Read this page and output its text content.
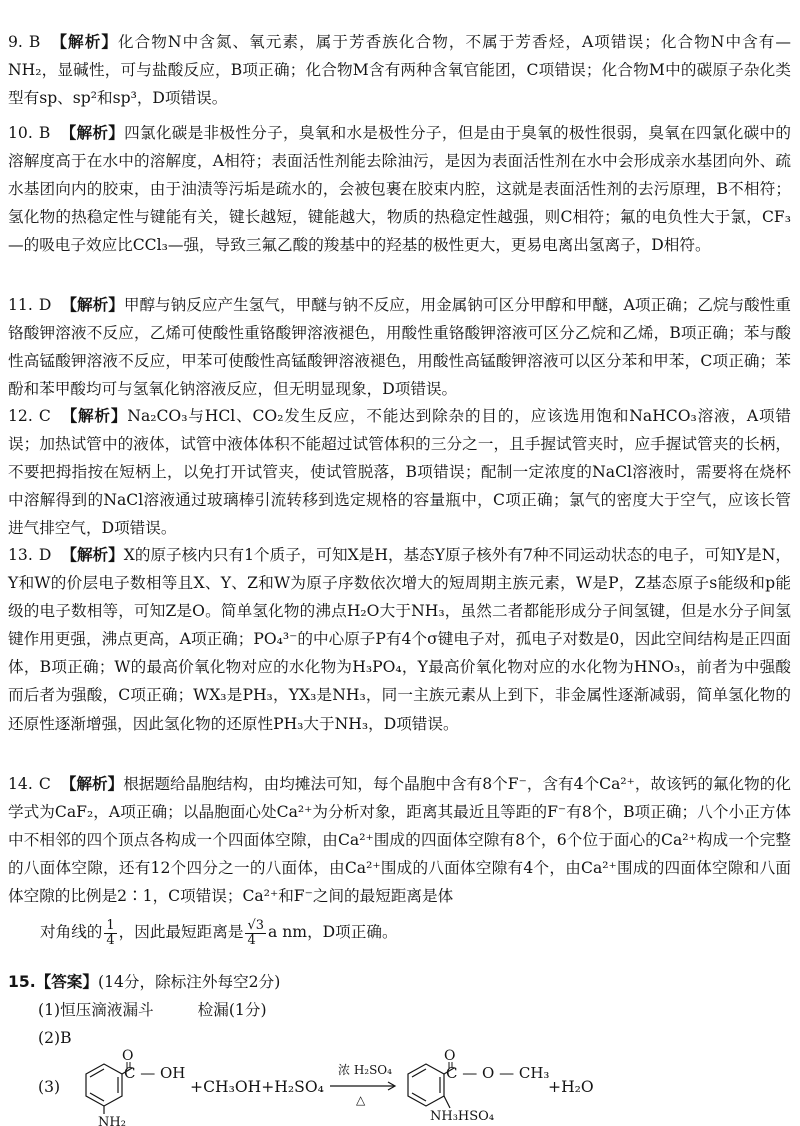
9. B 【解析】化合物N中含氮、氧元素，属于芳香族化合物，不属于芳香烃，A项错误；化合物N中含有—NH₂，显碱性，可与盐酸反应，B项正确；化合物M含有两种含氧官能团，C项错误；化合物M中的碳原子杂化类型有sp、sp²和sp³，D项错误。

10. B 【解析】四氯化碳是非极性分子，臭氧和水是极性分子，但是由于臭氧的极性很弱，臭氧在四氯化碳中的溶解度高于在水中的溶解度，A相符；表面活性剂能去除油污，是因为表面活性剂在水中会形成亲水基团向外、疏水基团向内的胶束，由于油渍等污垢是疏水的，会被包裹在胶束内腔，这就是表面活性剂的去污原理，B不相符；氢化物的热稳定性与键能有关，键长越短，键能越大，物质的热稳定性越强，则C相符；氟的电负性大于氯，CF₃—的吸电子效应比CCl₃—强，导致三氟乙酸的羧基中的羟基的极性更大，更易电离出氢离子，D相符。

11. D 【解析】甲醇与钠反应产生氢气，甲醚与钠不反应，用金属钠可区分甲醇和甲醚，A项正确；乙烷与酸性重铬酸钾溶液不反应，乙烯可使酸性重铬酸钾溶液褪色，用酸性重铬酸钾溶液可区分乙烷和乙烯，B项正确；苯与酸性高锰酸钾溶液不反应，甲苯可使酸性高锰酸钾溶液褪色，用酸性高锰酸钾溶液可以区分苯和甲苯，C项正确；苯酚和苯甲酸均可与氢氧化钠溶液反应，但无明显现象，D项错误。

12. C 【解析】Na₂CO₃与HCl、CO₂发生反应，不能达到除杂的目的，应该选用饱和NaHCO₃溶液，A项错误；加热试管中的液体，试管中液体体积不能超过试管体积的三分之一，且手握试管夹时，应手握试管夹的长柄，不要把拇指按在短柄上，以免打开试管夹，使试管脱落，B项错误；配制一定浓度的NaCl溶液时，需要将在烧杯中溶解得到的NaCl溶液通过玻璃棒引流转移到选定规格的容量瓶中，C项正确；氯气的密度大于空气，应该长管进气排空气，D项错误。

13. D 【解析】X的原子核内只有1个质子，可知X是H，基态Y原子核外有7种不同运动状态的电子，可知Y是N，Y和W的价层电子数相等且X、Y、Z和W为原子序数依次增大的短周期主族元素，W是P，Z基态原子s能级和p能级的电子数相等，可知Z是O。简单氢化物的沸点H₂O大于NH₃，虽然二者都能形成分子间氢键，但是水分子间氢键作用更强，沸点更高，A项正确；PO₄³⁻的中心原子P有4个σ键电子对，孤电子对数是0，因此空间结构是正四面体，B项正确；W的最高价氧化物对应的水化物为H₃PO₄，Y最高价氧化物对应的水化物为HNO₃，前者为中强酸而后者为强酸，C项正确；WX₃是PH₃，YX₃是NH₃，同一主族元素从上到下，非金属性逐渐减弱，简单氢化物的还原性逐渐增强，因此氢化物的还原性PH₃大于NH₃，D项错误。

14. C 【解析】根据题给晶胞结构，由均摊法可知，每个晶胞中含有8个F⁻，含有4个Ca²⁺，故该钙的氟化物的化学式为CaF₂，A项正确；以晶胞面心处Ca²⁺为分析对象，距离其最近且等距的F⁻有8个，B项正确；八个小正方体中不相邻的四个顶点各构成一个四面体空隙，由Ca²⁺围成的四面体空隙有8个，6个位于面心的Ca²⁺构成一个完整的八面体空隙，还有12个四分之一的八面体，由Ca²⁺围成的八面体空隙有4个，由Ca²⁺围成的四面体空隙和八面体空隙的比例是2∶1，C项错误；Ca²⁺和F⁻之间的最短距离是体

对角线的 $\frac{1}{4}$ ，因此最短距离是 $\frac{√3}{4}$ a nm，D项正确。

15.【答案】(14分，除标注外每空2分)

(1)恒压滴液漏斗	检漏(1分)
(2)B
(3)
O
C — OH
NH₂
+CH₃OH+H₂SO₄
浓 H₂SO₄
△
O
C — O — CH₃
NH₃HSO₄
+H₂O
